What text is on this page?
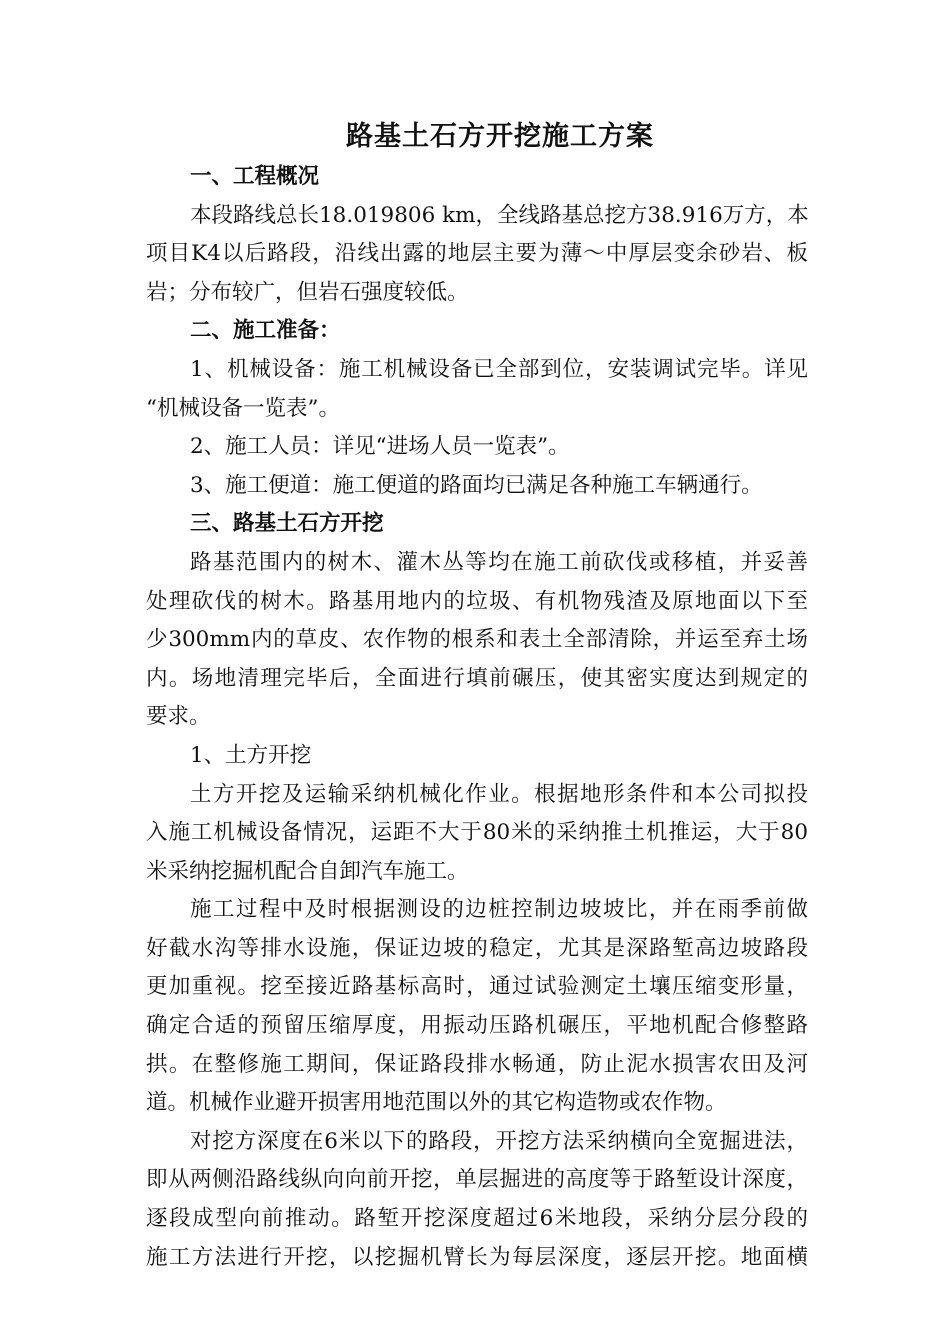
路基土石方开挖施工方案
一、工程概况
本段路线总长18.019806 km，全线路基总挖方38.916万方，本
项目K4以后路段，沿线出露的地层主要为薄～中厚层变余砂岩、板
岩；分布较广，但岩石强度较低。
二、施工准备：
1、机械设备：施工机械设备已全部到位，安装调试完毕。详见
“机械设备一览表”。
2、施工人员：详见“进场人员一览表”。
3、施工便道：施工便道的路面均已满足各种施工车辆通行。
三、路基土石方开挖
路基范围内的树木、灌木丛等均在施工前砍伐或移植，并妥善
处理砍伐的树木。路基用地内的垃圾、有机物残渣及原地面以下至
少300mm内的草皮、农作物的根系和表土全部清除，并运至弃土场
内。场地清理完毕后，全面进行填前碾压，使其密实度达到规定的
要求。
1、土方开挖
土方开挖及运输采纳机械化作业。根据地形条件和本公司拟投
入施工机械设备情况，运距不大于80米的采纳推土机推运，大于80
米采纳挖掘机配合自卸汽车施工。
施工过程中及时根据测设的边桩控制边坡坡比，并在雨季前做
好截水沟等排水设施，保证边坡的稳定，尤其是深路堑高边坡路段
更加重视。挖至接近路基标高时，通过试验测定土壤压缩变形量，
确定合适的预留压缩厚度，用振动压路机碾压，平地机配合修整路
拱。在整修施工期间，保证路段排水畅通，防止泥水损害农田及河
道。机械作业避开损害用地范围以外的其它构造物或农作物。
对挖方深度在6米以下的路段，开挖方法采纳横向全宽掘进法，
即从两侧沿路线纵向向前开挖，单层掘进的高度等于路堑设计深度，
逐段成型向前推动。路堑开挖深度超过6米地段，采纳分层分段的
施工方法进行开挖，以挖掘机臂长为每层深度，逐层开挖。地面横
